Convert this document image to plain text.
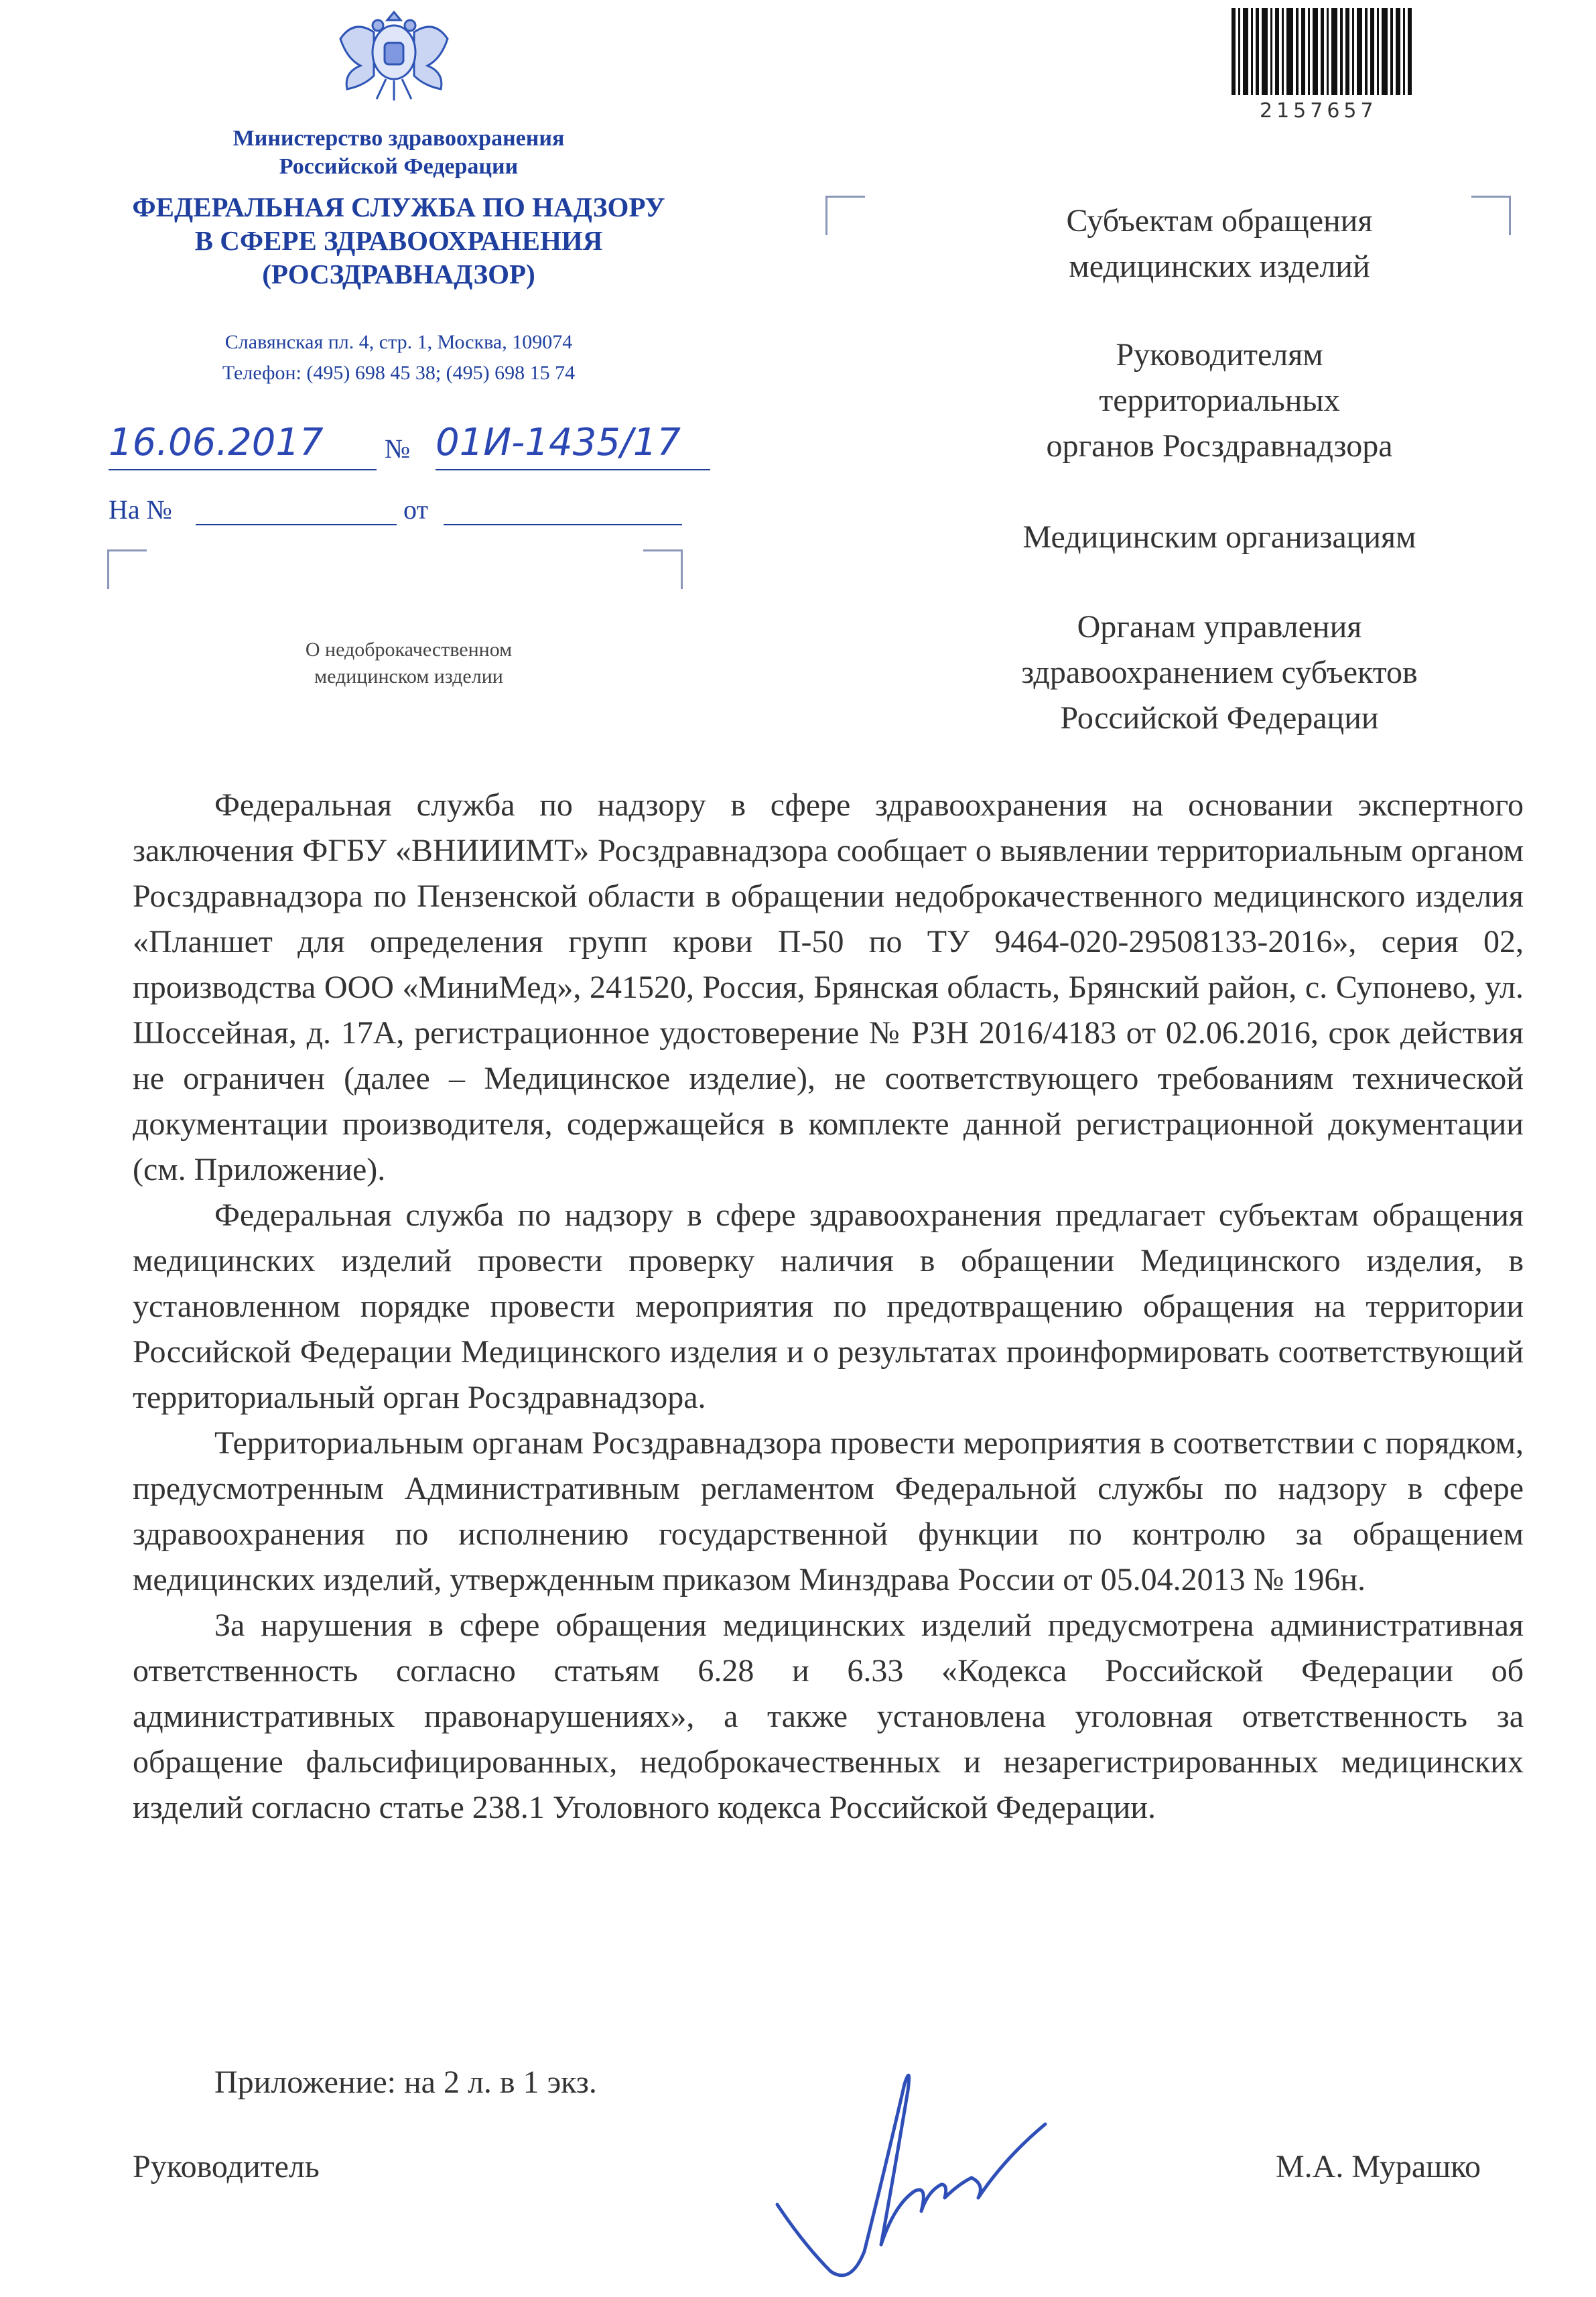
Министерство здравоохранения
Российской Федерации
ФЕДЕРАЛЬНАЯ СЛУЖБА ПО НАДЗОРУ
В СФЕРЕ ЗДРАВООХРАНЕНИЯ
(РОСЗДРАВНАДЗОР)
Славянская пл. 4, стр. 1, Москва, 109074
Телефон: (495) 698 45 38; (495) 698 15 74
16.06.2017 № 01И-1435/17
На №	от
О недоброкачественном
медицинском изделии
2157657
Субъектам обращения
медицинских изделий
Руководителям
территориальных
органов Росздравнадзора
Медицинским организациям
Органам управления
здравоохранением субъектов
Российской Федерации

Федеральная служба по надзору в сфере здравоохранения на основании экспертного заключения ФГБУ «ВНИИИМТ» Росздравнадзора сообщает о выявлении территориальным органом Росздравнадзора по Пензенской области в обращении недоброкачественного медицинского изделия «Планшет для определения групп крови П-50 по ТУ 9464-020-29508133-2016», серия 02, производства ООО «МиниМед», 241520, Россия, Брянская область, Брянский район, с. Супонево, ул. Шоссейная, д. 17А, регистрационное удостоверение № РЗН 2016/4183 от 02.06.2016, срок действия не ограничен (далее – Медицинское изделие), не соответствующего требованиям технической документации производителя, содержащейся в комплекте данной регистрационной документации (см. Приложение).

Федеральная служба по надзору в сфере здравоохранения предлагает субъектам обращения медицинских изделий провести проверку наличия в обращении Медицинского изделия, в установленном порядке провести мероприятия по предотвращению обращения на территории Российской Федерации Медицинского изделия и о результатах проинформировать соответствующий территориальный орган Росздравнадзора.

Территориальным органам Росздравнадзора провести мероприятия в соответствии с порядком, предусмотренным Административным регламентом Федеральной службы по надзору в сфере здравоохранения по исполнению государственной функции по контролю за обращением медицинских изделий, утвержденным приказом Минздрава России от 05.04.2013 № 196н.

За нарушения в сфере обращения медицинских изделий предусмотрена административная ответственность согласно статьям 6.28 и 6.33 «Кодекса Российской Федерации об административных правонарушениях», а также установлена уголовная ответственность за обращение фальсифицированных, недоброкачественных и незарегистрированных медицинских изделий согласно статье 238.1 Уголовного кодекса Российской Федерации.

Приложение: на 2 л. в 1 экз.
Руководитель	М.А. Мурашко
